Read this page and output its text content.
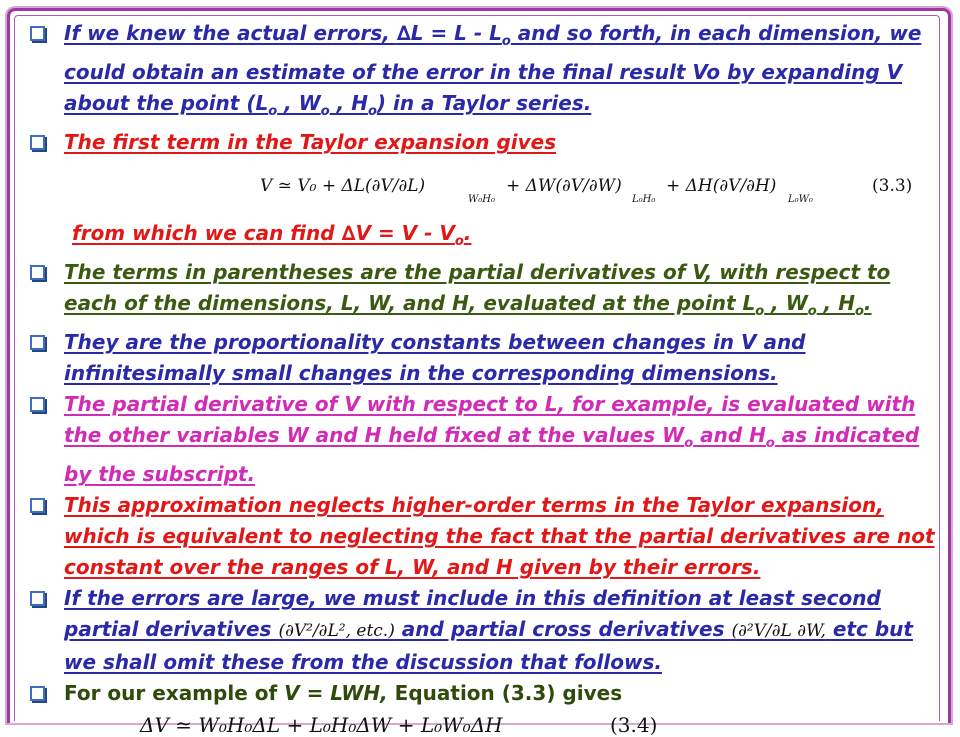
If we knew the actual errors, $\Delta L = L - L_o$ and so forth, in each dimension, we could obtain an estimate of the error in the final result Vo by expanding V about the point ($L_o$ , $W_o$ , $H_o$) in a Taylor series.
The first term in the Taylor expansion gives
V ≃ V₀ + ΔL(∂V/∂L)
W₀H₀
+ ΔW(∂V/∂W)
L₀H₀
+ ΔH(∂V/∂H)
L₀W₀
(3.3)
from which we can find $\Delta V = V - V_o$.
The terms in parentheses are the partial derivatives of V, with respect to each of the dimensions, L, W, and H, evaluated at the point $L_o$ , $W_o$ , $H_o$.
They are the proportionality constants between changes in V and infinitesimally small changes in the corresponding dimensions.
The partial derivative of V with respect to L, for example, is evaluated with the other variables W and H held fixed at the values $W_o$ and $H_o$ as indicated by the subscript.
This approximation neglects higher-order terms in the Taylor expansion, which is equivalent to neglecting the fact that the partial derivatives are not constant over the ranges of L, W, and H given by their errors.
If the errors are large, we must include in this definition at least second partial derivatives (∂V²/∂L², etc.) and partial cross derivatives (∂²V/∂L ∂W, etc but we shall omit these from the discussion that follows.
For our example of V = LWH, Equation (3.3) gives
ΔV ≃ W₀H₀ΔL + L₀H₀ΔW + L₀W₀ΔH	(3.4)
